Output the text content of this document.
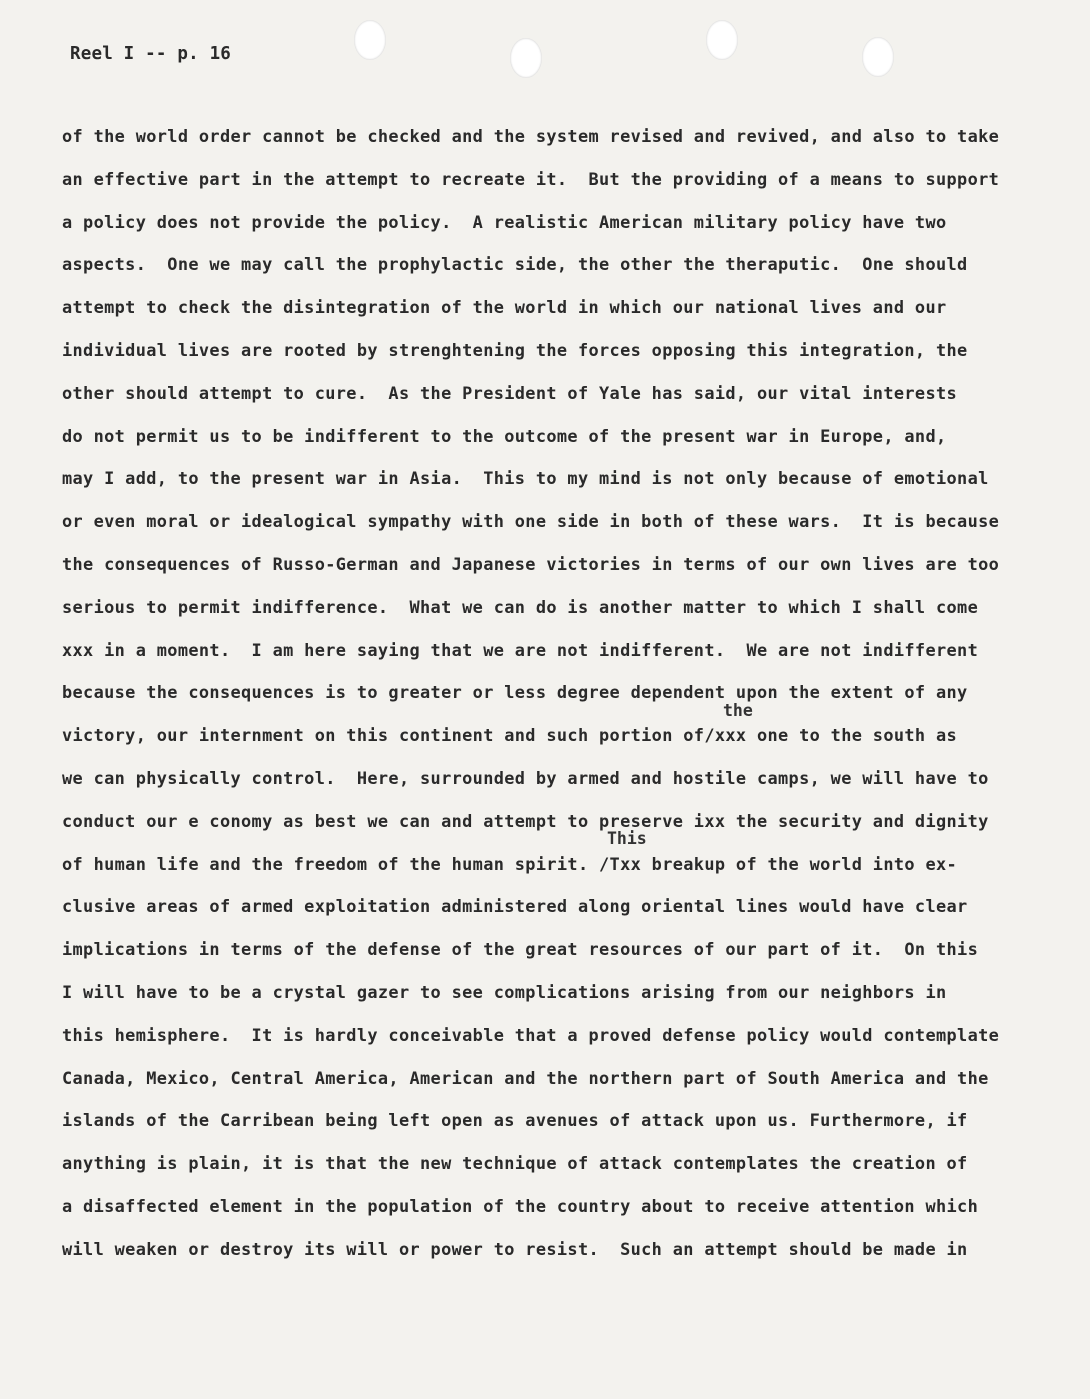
Reel I -- p. 16
the
This
of the world order cannot be checked and the system revised and revived, and also to take
an effective part in the attempt to recreate it.  But the providing of a means to support
a policy does not provide the policy.  A realistic American military policy have two
aspects.  One we may call the prophylactic side, the other the theraputic.  One should
attempt to check the disintegration of the world in which our national lives and our
individual lives are rooted by strenghtening the forces opposing this integration, the
other should attempt to cure.  As the President of Yale has said, our vital interests
do not permit us to be indifferent to the outcome of the present war in Europe, and,
may I add, to the present war in Asia.  This to my mind is not only because of emotional
or even moral or idealogical sympathy with one side in both of these wars.  It is because
the consequences of Russo-German and Japanese victories in terms of our own lives are too
serious to permit indifference.  What we can do is another matter to which I shall come
xxx in a moment.  I am here saying that we are not indifferent.  We are not indifferent
because the consequences is to greater or less degree dependent upon the extent of any
victory, our internment on this continent and such portion of/xxx one to the south as
we can physically control.  Here, surrounded by armed and hostile camps, we will have to
conduct our e conomy as best we can and attempt to preserve ixx the security and dignity
of human life and the freedom of the human spirit. /Txx breakup of the world into ex-
clusive areas of armed exploitation administered along oriental lines would have clear
implications in terms of the defense of the great resources of our part of it.  On this
I will have to be a crystal gazer to see complications arising from our neighbors in
this hemisphere.  It is hardly conceivable that a proved defense policy would contemplate
Canada, Mexico, Central America, American and the northern part of South America and the
islands of the Carribean being left open as avenues of attack upon us. Furthermore, if
anything is plain, it is that the new technique of attack contemplates the creation of
a disaffected element in the population of the country about to receive attention which
will weaken or destroy its will or power to resist.  Such an attempt should be made in
